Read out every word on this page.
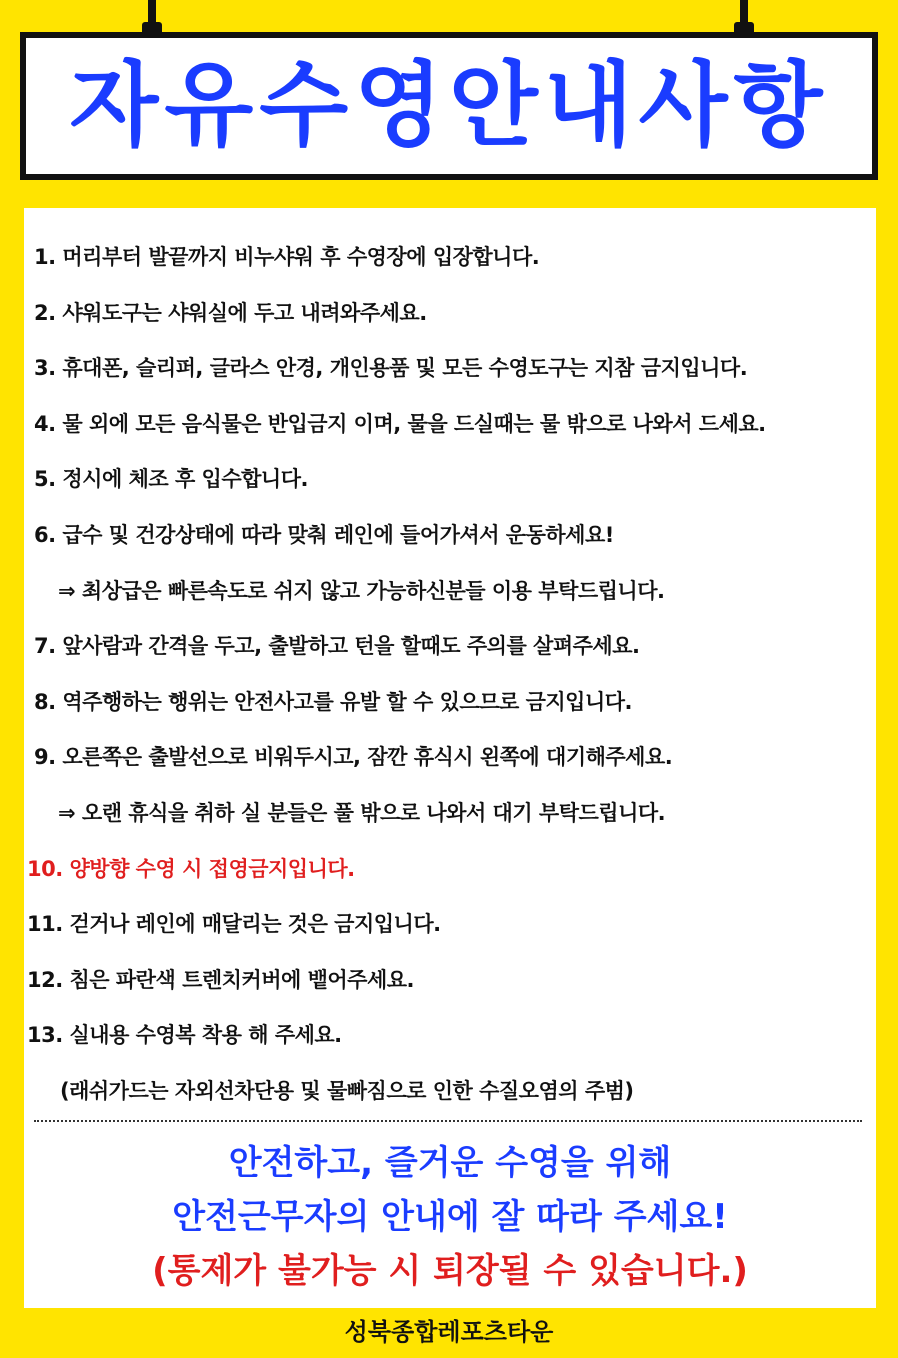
자유수영안내사항
1. 머리부터 발끝까지 비누샤워 후 수영장에 입장합니다.
2. 샤워도구는 샤워실에 두고 내려와주세요.
3. 휴대폰, 슬리퍼, 글라스 안경, 개인용품 및 모든 수영도구는 지참 금지입니다.
4. 물 외에 모든 음식물은 반입금지 이며, 물을 드실때는 물 밖으로 나와서 드세요.
5. 정시에 체조 후 입수합니다.
6. 급수 및 건강상태에 따라 맞춰 레인에 들어가셔서 운동하세요!
⇒ 최상급은 빠른속도로 쉬지 않고 가능하신분들 이용 부탁드립니다.
7. 앞사람과 간격을 두고, 출발하고 턴을 할때도 주의를 살펴주세요.
8. 역주행하는 행위는 안전사고를 유발 할 수 있으므로 금지입니다.
9. 오른쪽은 출발선으로 비워두시고, 잠깐 휴식시 왼쪽에 대기해주세요.
⇒ 오랜 휴식을 취하 실 분들은 풀 밖으로 나와서 대기 부탁드립니다.
10. 양방향 수영 시 접영금지입니다.
11. 걷거나 레인에 매달리는 것은 금지입니다.
12. 침은 파란색 트렌치커버에 뱉어주세요.
13. 실내용 수영복 착용 해 주세요.
(래쉬가드는 자외선차단용 및 물빠짐으로 인한 수질오염의 주범)
안전하고, 즐거운 수영을 위해
안전근무자의 안내에 잘 따라 주세요!
(통제가 불가능 시 퇴장될 수 있습니다.)
성북종합레포츠타운
